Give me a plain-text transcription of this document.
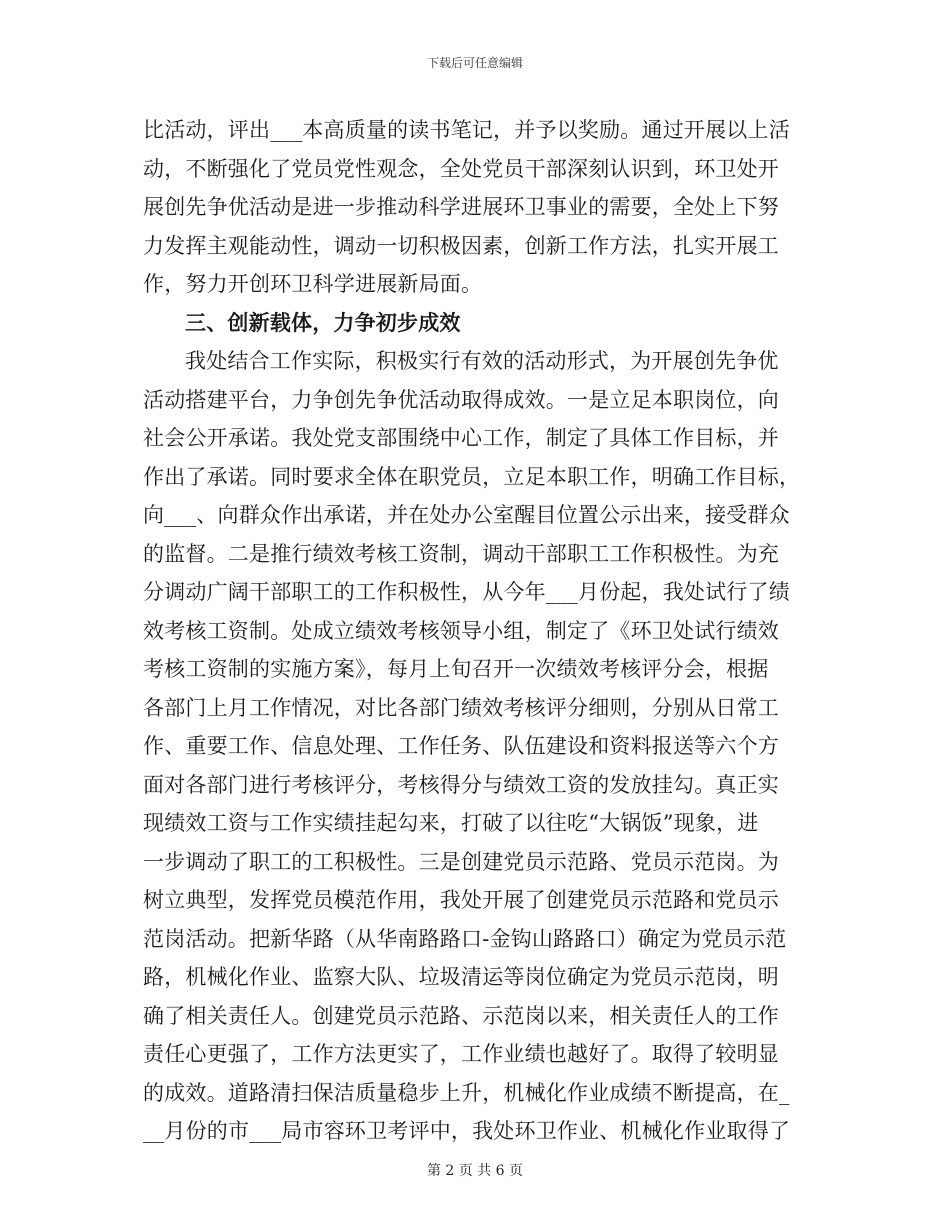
下载后可任意编辑
比活动，评出___本高质量的读书笔记，并予以奖励。通过开展以上活
动，不断强化了党员党性观念，全处党员干部深刻认识到，环卫处开
展创先争优活动是进一步推动科学进展环卫事业的需要，全处上下努
力发挥主观能动性，调动一切积极因素，创新工作方法，扎实开展工
作，努力开创环卫科学进展新局面。
三、创新载体，力争初步成效
我处结合工作实际，积极实行有效的活动形式，为开展创先争优
活动搭建平台，力争创先争优活动取得成效。一是立足本职岗位，向
社会公开承诺。我处党支部围绕中心工作，制定了具体工作目标，并
作出了承诺。同时要求全体在职党员，立足本职工作，明确工作目标，
向___、向群众作出承诺，并在处办公室醒目位置公示出来，接受群众
的监督。二是推行绩效考核工资制，调动干部职工工作积极性。为充
分调动广阔干部职工的工作积极性，从今年___月份起，我处试行了绩
效考核工资制。处成立绩效考核领导小组，制定了《环卫处试行绩效
考核工资制的实施方案》，每月上旬召开一次绩效考核评分会，根据
各部门上月工作情况，对比各部门绩效考核评分细则，分别从日常工
作、重要工作、信息处理、工作任务、队伍建设和资料报送等六个方
面对各部门进行考核评分，考核得分与绩效工资的发放挂勾。真正实
现绩效工资与工作实绩挂起勾来，打破了以往吃“大锅饭”现象，进
一步调动了职工的工积极性。三是创建党员示范路、党员示范岗。为
树立典型，发挥党员模范作用，我处开展了创建党员示范路和党员示
范岗活动。把新华路（从华南路路口-金钩山路路口）确定为党员示范
路，机械化作业、监察大队、垃圾清运等岗位确定为党员示范岗，明
确了相关责任人。创建党员示范路、示范岗以来，相关责任人的工作
责任心更强了，工作方法更实了，工作业绩也越好了。取得了较明显
的成效。道路清扫保洁质量稳步上升，机械化作业成绩不断提高，在_
__月份的市___局市容环卫考评中，我处环卫作业、机械化作业取得了
第 2 页 共 6 页
